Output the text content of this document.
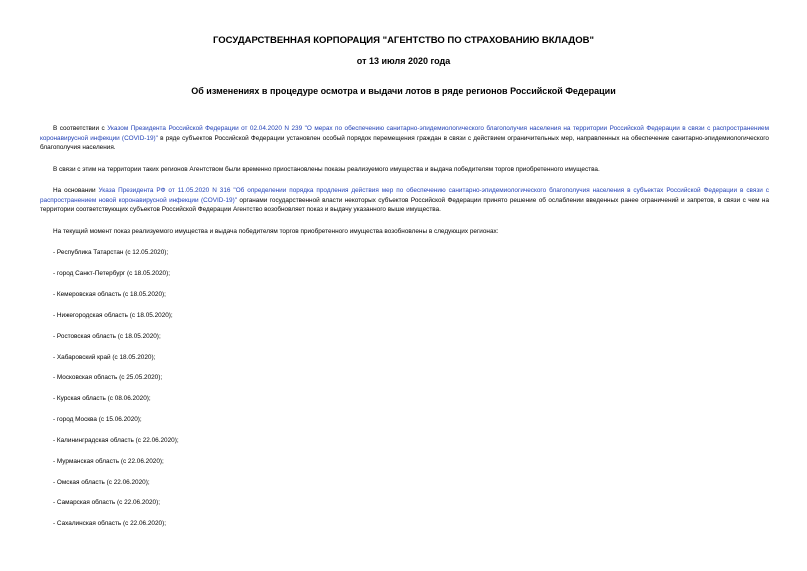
ГОСУДАРСТВЕННАЯ КОРПОРАЦИЯ "АГЕНТСТВО ПО СТРАХОВАНИЮ ВКЛАДОВ"
от 13 июля 2020 года
Об изменениях в процедуре осмотра и выдачи лотов в ряде регионов Российской Федерации
В соответствии с Указом Президента Российской Федерации от 02.04.2020 N 239 "О мерах по обеспечению санитарно-эпидемиологического благополучия населения на территории Российской Федерации в связи с распространением коронавирусной инфекции (COVID-19)" в ряде субъектов Российской Федерации установлен особый порядок перемещения граждан в связи с действием ограничительных мер, направленных на обеспечение санитарно-эпидемиологического благополучия населения.
В связи с этим на территории таких регионов Агентством были временно приостановлены показы реализуемого имущества и выдача победителям торгов приобретенного имущества.
На основании Указа Президента РФ от 11.05.2020 N 316 "Об определении порядка продления действия мер по обеспечению санитарно-эпидемиологического благополучия населения в субъектах Российской Федерации в связи с распространением новой коронавирусной инфекции (COVID-19)" органами государственной власти некоторых субъектов Российской Федерации принято решение об ослаблении введенных ранее ограничений и запретов, в связи с чем на территории соответствующих субъектов Российской Федерации Агентство возобновляет показ и выдачу указанного выше имущества.
На текущий момент показ реализуемого имущества и выдача победителям торгов приобретенного имущества возобновлены в следующих регионах:
- Республика Татарстан (с 12.05.2020);
- город Санкт-Петербург (с 18.05.2020);
- Кемеровская область (с 18.05.2020);
- Нижегородская область (с 18.05.2020);
- Ростовская область (с 18.05.2020);
- Хабаровский край (с 18.05.2020);
- Московская область (с 25.05.2020);
- Курская область (с 08.06.2020);
- город Москва (с 15.06.2020);
- Калининградская область (с 22.06.2020);
- Мурманская область (с 22.06.2020);
- Омская область (с 22.06.2020);
- Самарская область (с 22.06.2020);
- Сахалинская область (с 22.06.2020);
